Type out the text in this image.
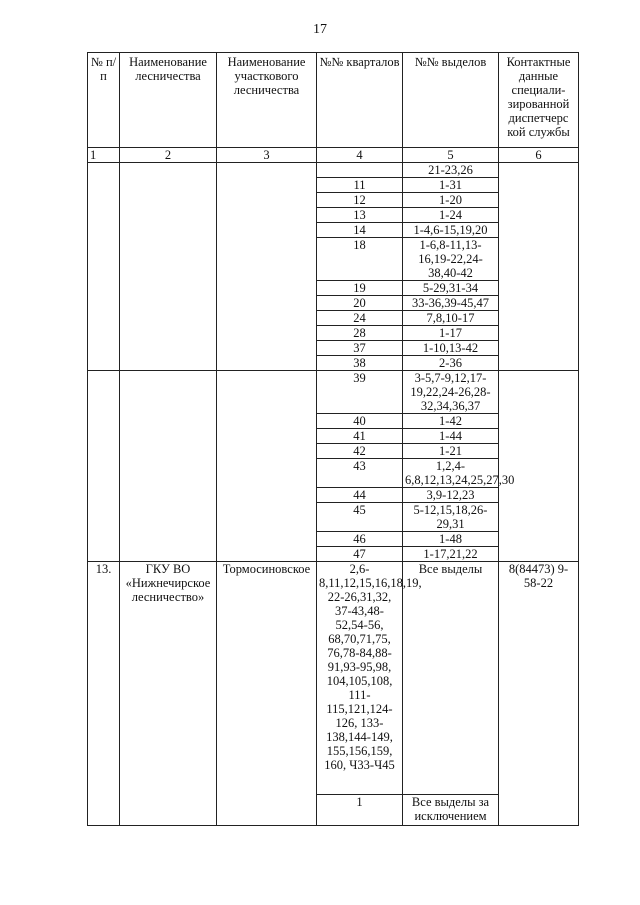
17
№ п/п	Наименование лесничества	Наименование участкового лесничества	№№ кварталов	№№ выделов	Контактные данные специали-зированной диспетчерс кой службы
1	2	3	4	5	6
				21-23,26	
			11	1-31	
			12	1-20	
			13	1-24	
			14	1-4,6-15,19,20	
			18	1-6,8-11,13-16,19-22,24-38,40-42	
			19	5-29,31-34	
			20	33-36,39-45,47	
			24	7,8,10-17	
			28	1-17	
			37	1-10,13-42	
			38	2-36	
			39	3-5,7-9,12,17-19,22,24-26,28-32,34,36,37	
			40	1-42	
			41	1-44	
			42	1-21	
			43	1,2,4-6,8,12,13,24,25,27,30	
			44	3,9-12,23	
			45	5-12,15,18,26-29,31	
			46	1-48	
			47	1-17,21,22	
13.	ГКУ ВО «Нижнечирское лесничество»	Тормосиновское	2,6-8,11,12,15,16,18,19, 22-26,31,32, 37-43,48-52,54-56, 68,70,71,75, 76,78-84,88-91,93-95,98, 104,105,108, 111-115,121,124-126, 133-138,144-149, 155,156,159, 160, Ч33-Ч45	Все выделы	8(84473) 9-58-22
			1	Все выделы за исключением	
